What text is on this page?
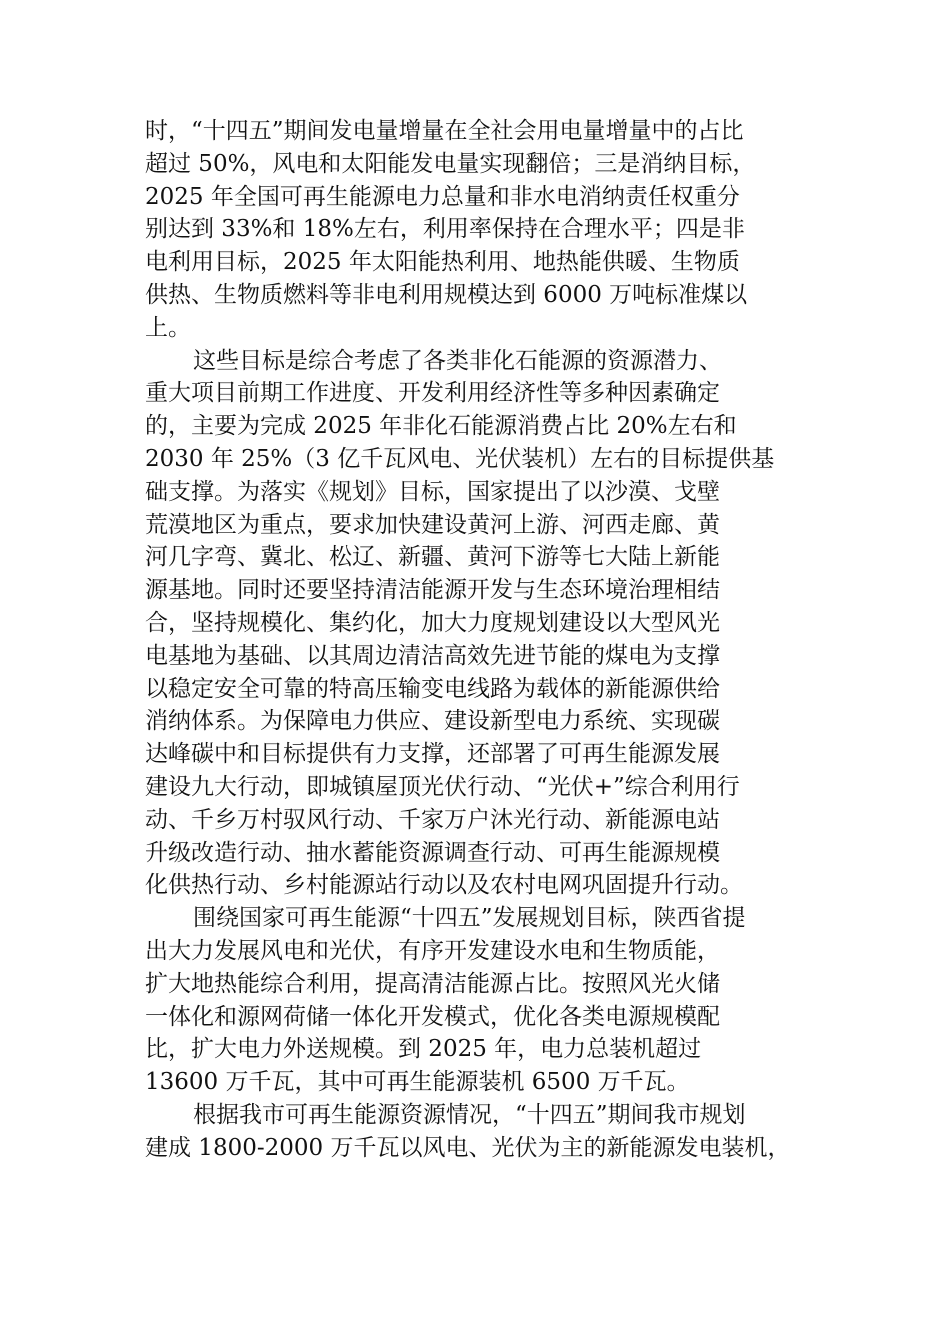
时，“十四五”期间发电量增量在全社会用电量增量中的占比
超过 50%，风电和太阳能发电量实现翻倍；三是消纳目标，
2025 年全国可再生能源电力总量和非水电消纳责任权重分
别达到 33%和 18%左右，利用率保持在合理水平；四是非
电利用目标，2025 年太阳能热利用、地热能供暖、生物质
供热、生物质燃料等非电利用规模达到 6000 万吨标准煤以
上。
这些目标是综合考虑了各类非化石能源的资源潜力、
重大项目前期工作进度、开发利用经济性等多种因素确定
的，主要为完成 2025 年非化石能源消费占比 20%左右和
2030 年 25%（3 亿千瓦风电、光伏装机）左右的目标提供基
础支撑。为落实《规划》目标，国家提出了以沙漠、戈壁
荒漠地区为重点，要求加快建设黄河上游、河西走廊、黄
河几字弯、冀北、松辽、新疆、黄河下游等七大陆上新能
源基地。同时还要坚持清洁能源开发与生态环境治理相结
合，坚持规模化、集约化，加大力度规划建设以大型风光
电基地为基础、以其周边清洁高效先进节能的煤电为支撑
以稳定安全可靠的特高压输变电线路为载体的新能源供给
消纳体系。为保障电力供应、建设新型电力系统、实现碳
达峰碳中和目标提供有力支撑，还部署了可再生能源发展
建设九大行动，即城镇屋顶光伏行动、“光伏+”综合利用行
动、千乡万村驭风行动、千家万户沐光行动、新能源电站
升级改造行动、抽水蓄能资源调查行动、可再生能源规模
化供热行动、乡村能源站行动以及农村电网巩固提升行动。
围绕国家可再生能源“十四五”发展规划目标，陕西省提
出大力发展风电和光伏，有序开发建设水电和生物质能，
扩大地热能综合利用，提高清洁能源占比。按照风光火储
一体化和源网荷储一体化开发模式，优化各类电源规模配
比，扩大电力外送规模。到 2025 年，电力总装机超过
13600 万千瓦，其中可再生能源装机 6500 万千瓦。
根据我市可再生能源资源情况，“十四五”期间我市规划
建成 1800-2000 万千瓦以风电、光伏为主的新能源发电装机，
